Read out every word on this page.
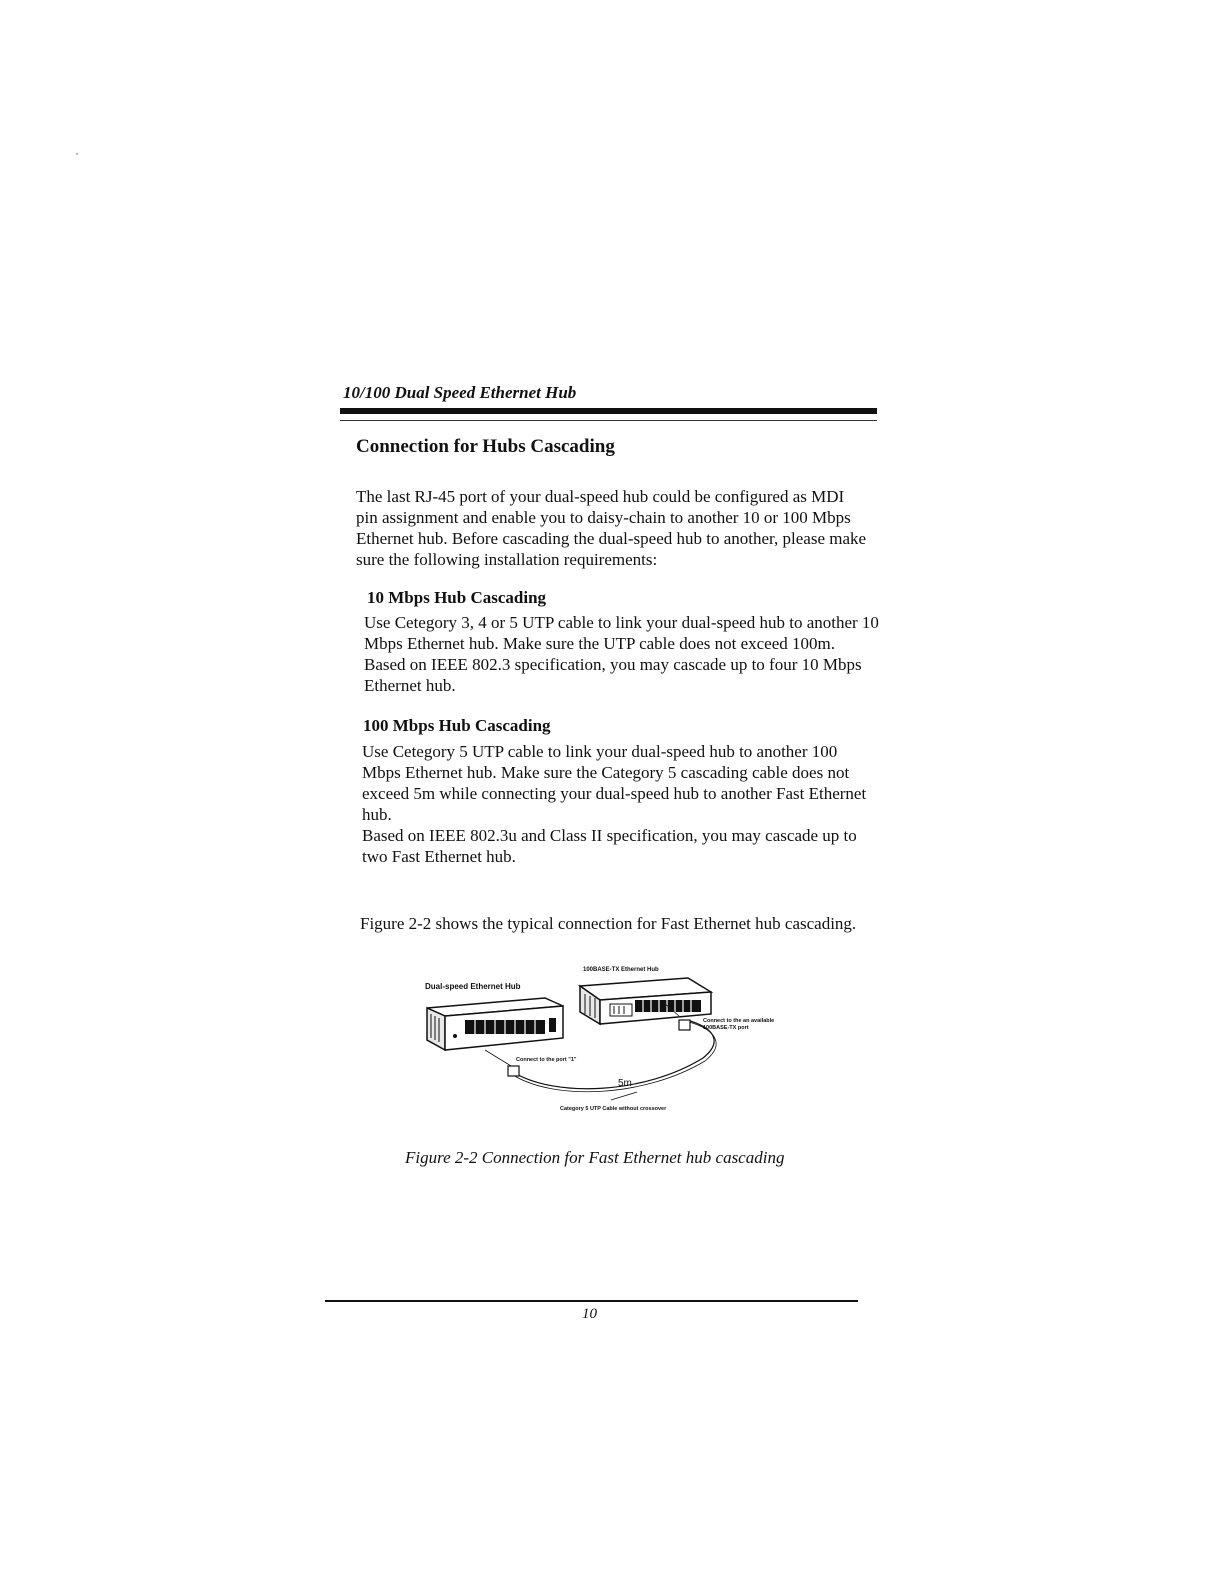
10/100 Dual Speed Ethernet Hub
Connection for Hubs Cascading
The last RJ-45 port of your dual-speed hub could be configured as MDI
pin assignment and enable you to daisy-chain to another 10 or 100 Mbps
Ethernet hub. Before cascading the dual-speed hub to another, please make
sure the following installation requirements:
10 Mbps Hub Cascading
Use Cetegory 3, 4 or 5 UTP cable to link your dual-speed hub to another 10
Mbps Ethernet hub. Make sure the UTP cable does not exceed 100m.
Based on IEEE 802.3 specification, you may cascade up to four 10 Mbps
Ethernet hub.
100 Mbps Hub Cascading
Use Cetegory 5 UTP cable to link your dual-speed hub to another 100
Mbps Ethernet hub. Make sure the Category 5 cascading cable does not
exceed 5m while connecting your dual-speed hub to another Fast Ethernet
hub.
Based on IEEE 802.3u and Class II specification, you may cascade up to
two Fast Ethernet hub.
Figure 2-2 shows the typical connection for Fast Ethernet hub cascading.
Dual-speed Ethernet Hub
100BASE-TX Ethernet Hub
Connect to the port "1"
Connect to the an available
100BASE-TX port
5m
Category 5 UTP Cable without crossover
Figure 2-2 Connection for Fast Ethernet hub cascading
10
